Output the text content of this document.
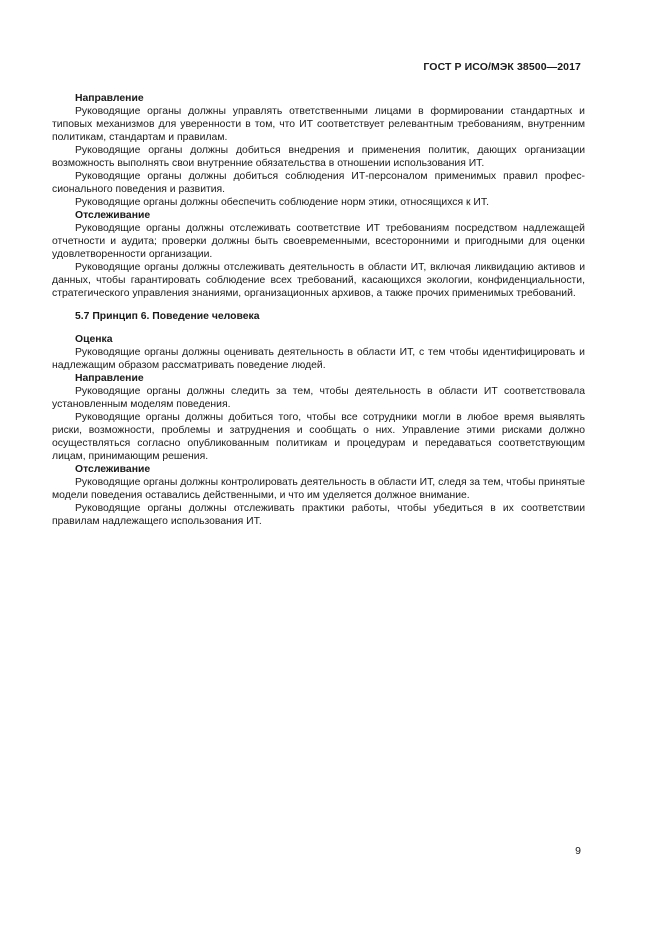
ГОСТ Р ИСО/МЭК 38500—2017

Направление

Руководящие органы должны управлять ответственными лицами в формировании стандартных и типовых механизмов для уверенности в том, что ИТ соответствует релевантным требованиям, внутренним политикам, стандартам и правилам.

Руководящие органы должны добиться внедрения и применения политик, дающих организации возможность выполнять свои внутренние обязательства в отношении использования ИТ.

Руководящие органы должны добиться соблюдения ИТ-персоналом применимых правил профессионального поведения и развития.

Руководящие органы должны обеспечить соблюдение норм этики, относящихся к ИТ.

Отслеживание

Руководящие органы должны отслеживать соответствие ИТ требованиям посредством надлежащей отчетности и аудита; проверки должны быть своевременными, всесторонними и пригодными для оценки удовлетворенности организации.

Руководящие органы должны отслеживать деятельность в области ИТ, включая ликвидацию активов и данных, чтобы гарантировать соблюдение всех требований, касающихся экологии, конфиденциальности, стратегического управления знаниями, организационных архивов, а также прочих применимых требований.

5.7 Принцип 6. Поведение человека

Оценка

Руководящие органы должны оценивать деятельность в области ИТ, с тем чтобы идентифицировать и надлежащим образом рассматривать поведение людей.

Направление

Руководящие органы должны следить за тем, чтобы деятельность в области ИТ соответствовала установленным моделям поведения.

Руководящие органы должны добиться того, чтобы все сотрудники могли в любое время выявлять риски, возможности, проблемы и затруднения и сообщать о них. Управление этими рисками должно осуществляться согласно опубликованным политикам и процедурам и передаваться соответствующим лицам, принимающим решения.

Отслеживание

Руководящие органы должны контролировать деятельность в области ИТ, следя за тем, чтобы принятые модели поведения оставались действенными, и что им уделяется должное внимание.

Руководящие органы должны отслеживать практики работы, чтобы убедиться в их соответствии правилам надлежащего использования ИТ.

9
